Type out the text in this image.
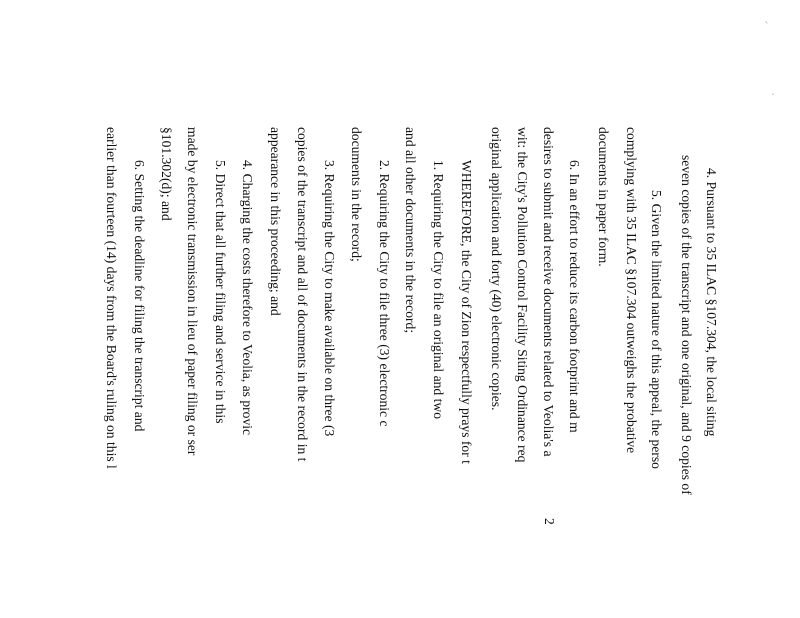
`
.
2
4. Pursuant to 35 ILAC §107.304, the local siting
seven copies of the transcript and one original, and 9 copies of
5. Given the limited nature of this appeal, the perso
complying with 35 ILAC §107.304 outweighs the probative
documents in paper form.
6. In an effort to reduce its carbon footprint and m
desires to submit and receive documents related to Veolia's a
wit: the City's Pollution Control Facility Siting Ordinance req
original application and forty (40) electronic copies.
WHEREFORE, the City of Zion respectfully prays for t
1. Requiring the City to file an original and two
and all other documents in the record;
2. Requiring the City to file three (3) electronic c
documents in the record;
3. Requiring the City to make available on three (3
copies of the transcript and all of documents in the record in t
appearance in this proceeding; and
4. Charging the costs therefore to Veolia, as provic
5. Direct that all further filing and service in this
made by electronic transmission in lieu of paper filing or ser
§101.302(d); and
6. Setting the deadline for filing the transcript and
earlier than fourteen (14) days from the Board's ruling on this l
